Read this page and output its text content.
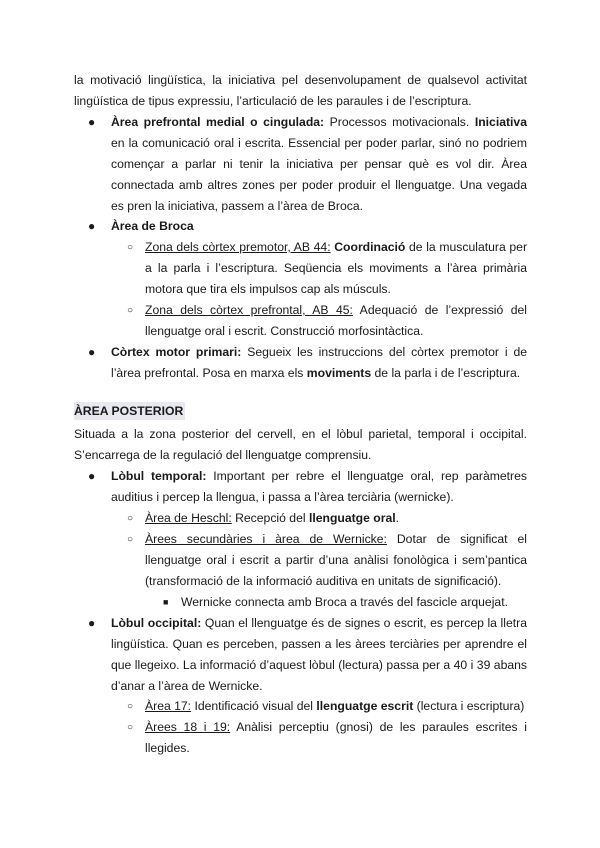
la motivació lingüística, la iniciativa pel desenvolupament de qualsevol activitat lingüística de tipus expressiu, l’articulació de les paraules i de l’escriptura.

● Àrea prefrontal medial o cingulada: Processos motivacionals. Iniciativa en la comunicació oral i escrita. Essencial per poder parlar, sinó no podriem començar a parlar ni tenir la iniciativa per pensar què es vol dir. Àrea connectada amb altres zones per poder produir el llenguatge. Una vegada es pren la iniciativa, passem a l’àrea de Broca.

● Àrea de Broca

○ Zona dels còrtex premotor, AB 44: Coordinació de la musculatura per a la parla i l’escriptura. Seqüencia els moviments a l’àrea primària motora que tira els impulsos cap als músculs.

○ Zona dels còrtex prefrontal, AB 45: Adequació de l’expressió del llenguatge oral i escrit. Construcció morfosintàctica.

● Còrtex motor primari: Segueix les instruccions del còrtex premotor i de l’àrea prefrontal. Posa en marxa els moviments de la parla i de l’escriptura.

ÀREA POSTERIOR

Situada a la zona posterior del cervell, en el lòbul parietal, temporal i occipital. S’encarrega de la regulació del llenguatge comprensiu.

● Lòbul temporal: Important per rebre el llenguatge oral, rep paràmetres auditius i percep la llengua, i passa a l’àrea terciària (wernicke).

○ Àrea de Heschl: Recepció del llenguatge oral.

○ Àrees secundàries i àrea de Wernicke: Dotar de significat el llenguatge oral i escrit a partir d’una anàlisi fonològica i sem’pantica (transformació de la informació auditiva en unitats de significació).

■ Wernicke connecta amb Broca a través del fascicle arquejat.

● Lòbul occipital: Quan el llenguatge és de signes o escrit, es percep la lletra lingüística. Quan es perceben, passen a les àrees terciàries per aprendre el que llegeixo. La informació d’aquest lòbul (lectura) passa per a 40 i 39 abans d’anar a l’àrea de Wernicke.

○ Àrea 17: Identificació visual del llenguatge escrit (lectura i escriptura)

○ Àrees 18 i 19: Anàlisi perceptiu (gnosi) de les paraules escrites i llegides.
